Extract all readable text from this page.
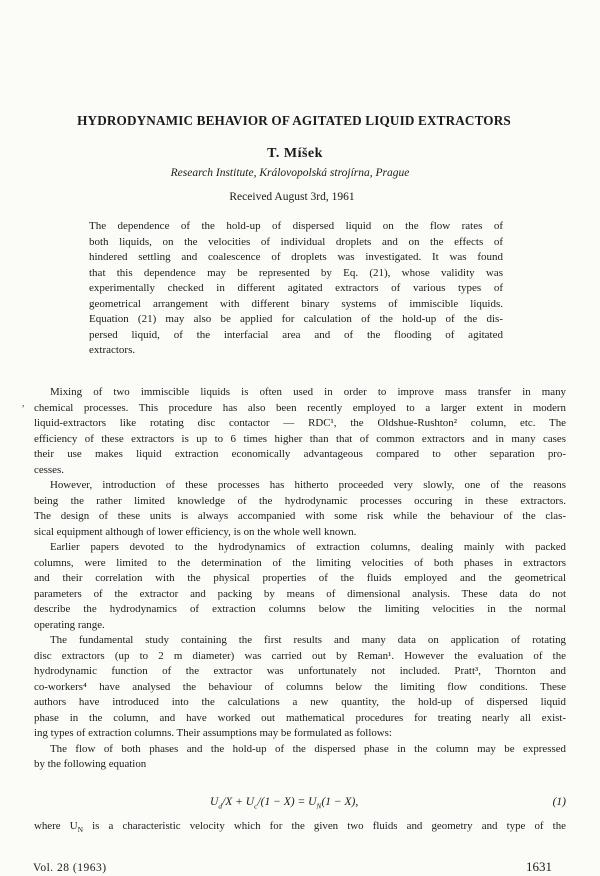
HYDRODYNAMIC BEHAVIOR OF AGITATED LIQUID EXTRACTORS
T. Míšek
Research Institute, Královopolská strojírna, Prague
Received August 3rd, 1961
The dependence of the hold-up of dispersed liquid on the flow rates of
both liquids, on the velocities of individual droplets and on the effects of
hindered settling and coalescence of droplets was investigated. It was found
that this dependence may be represented by Eq. (21), whose validity was
experimentally checked in different agitated extractors of various types of
geometrical arrangement with different binary systems of immiscible liquids.
Equation (21) may also be applied for calculation of the hold-up of the dis-
persed liquid, of the interfacial area and of the flooding of agitated
extractors.
,
Mixing of two immiscible liquids is often used in order to improve mass transfer in many
chemical processes. This procedure has also been recently employed to a larger extent in modern
liquid-extractors like rotating disc contactor — RDC¹, the Oldshue-Rushton² column, etc. The
efficiency of these extractors is up to 6 times higher than that of common extractors and in many cases
their use makes liquid extraction economically advantageous compared to other separation pro-
cesses.
However, introduction of these processes has hitherto proceeded very slowly, one of the reasons
being the rather limited knowledge of the hydrodynamic processes occuring in these extractors.
The design of these units is always accompanied with some risk while the behaviour of the clas-
sical equipment although of lower efficiency, is on the whole well known.
Earlier papers devoted to the hydrodynamics of extraction columns, dealing mainly with packed
columns, were limited to the determination of the limiting velocities of both phases in extractors
and their correlation with the physical properties of the fluids employed and the geometrical
parameters of the extractor and packing by means of dimensional analysis. These data do not
describe the hydrodynamics of extraction columns below the limiting velocities in the normal
operating range.
The fundamental study containing the first results and many data on application of rotating
disc extractors (up to 2 m diameter) was carried out by Reman¹. However the evaluation of the
hydrodynamic function of the extractor was unfortunately not included. Pratt³, Thornton and
co-workers⁴ have analysed the behaviour of columns below the limiting flow conditions. These
authors have introduced into the calculations a new quantity, the hold-up of dispersed liquid
phase in the column, and have worked out mathematical procedures for treating nearly all exist-
ing types of extraction columns. Their assumptions may be formulated as follows:
The flow of both phases and the hold-up of the dispersed phase in the column may be expressed
by the following equation
$U_d/X + U_c/(1 - X) = U_N(1 - X)$,	(1)
where $U_N$ is a characteristic velocity which for the given two fluids and geometry and type of the
Vol. 28 (1963)	1631
